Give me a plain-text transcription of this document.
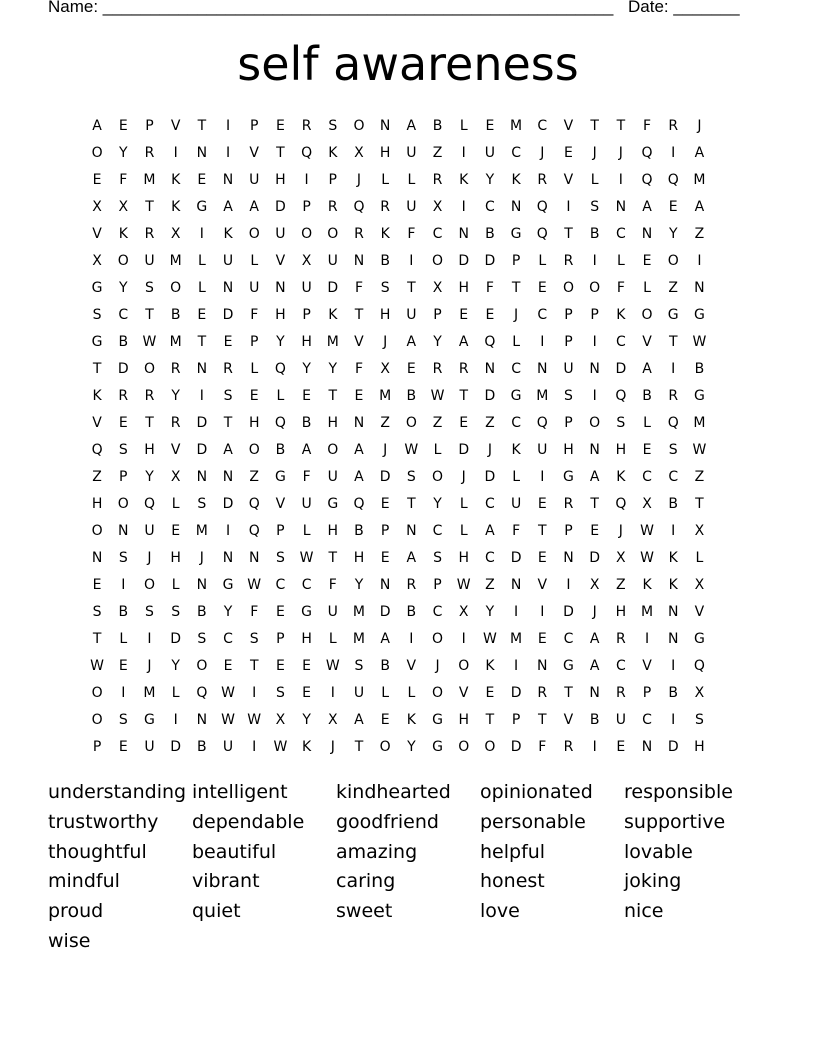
Name: ______________________________________________________ Date: _______
self awareness
A	E	P	V	T	I	P	E	R	S	O	N	A	B	L	E	M	C	V	T	T	F	R	J
O	Y	R	I	N	I	V	T	Q	K	X	H	U	Z	I	U	C	J	E	J	J	Q	I	A
E	F	M	K	E	N	U	H	I	P	J	L	L	R	K	Y	K	R	V	L	I	Q	Q	M
X	X	T	K	G	A	A	D	P	R	Q	R	U	X	I	C	N	Q	I	S	N	A	E	A
V	K	R	X	I	K	O	U	O	O	R	K	F	C	N	B	G	Q	T	B	C	N	Y	Z
X	O	U	M	L	U	L	V	X	U	N	B	I	O	D	D	P	L	R	I	L	E	O	I
G	Y	S	O	L	N	U	N	U	D	F	S	T	X	H	F	T	E	O	O	F	L	Z	N
S	C	T	B	E	D	F	H	P	K	T	H	U	P	E	E	J	C	P	P	K	O	G	G
G	B	W M	T	E	P	Y	H	M	V	J	A	Y	A	Q	L	I	P	I	C	V	T	W
T	D	O	R	N	R	L	Q	Y	Y	F	X	E	R	R	N	C	N	U	N	D	A	I	B
K	R	R	Y	I	S	E	L	E	T	E	M	B	W	T	D	G	M	S	I	Q	B	R	G
V	E	T	R	D	T	H	Q	B	H	N	Z	O	Z	E	Z	C	Q	P	O	S	L	Q	M
Q	S	H	V	D	A	O	B	A	O	A	J	W	L	D	J	K	U	H	N	H	E	S	W
Z	P	Y	X	N	N	Z	G	F	U	A	D	S	O	J	D	L	I	G	A	K	C	C	Z
H	O	Q	L	S	D	Q	V	U	G	Q	E	T	Y	L	C	U	E	R	T	Q	X	B	T
O	N	U	E	M	I	Q	P	L	H	B	P	N	C	L	A	F	T	P	E	J	W	I	X
N	S	J	H	J	N	N	S	W	T	H	E	A	S	H	C	D	E	N	D	X	W	K	L
E	I	O	L	N	G W	C	C	F	Y	N	R	P	W	Z	N	V	I	X	Z	K	K	X
S	B	S	S	B	Y	F	E	G	U	M	D	B	C	X	Y	I	I	D	J	H	M	N	V
T	L	I	D	S	C	S	P	H	L	M	A	I	O	I	W M	E	C	A	R	I	N	G
W	E	J	Y	O	E	T	E	E	W	S	B	V	J	O	K	I	N	G	A	C	V	I	Q
O	I	M	L	Q W	I	S	E	I	U	L	L	O	V	E	D	R	T	N	R	P	B	X
O	S	G	I	N	W W	X	Y	X	A	E	K	G	H	T	P	T	V	B	U	C	I	S
P	E	U	D	B	U	I	W	K	J	T	O	Y	G	O	O	D	F	R	I	E	N	D	H
understanding intelligent	kindhearted	opinionated	responsible
trustworthy	dependable	goodfriend	personable	supportive
thoughtful	beautiful	amazing	helpful	lovable
mindful	vibrant	caring	honest	joking
proud	quiet	sweet	love	nice
wise
